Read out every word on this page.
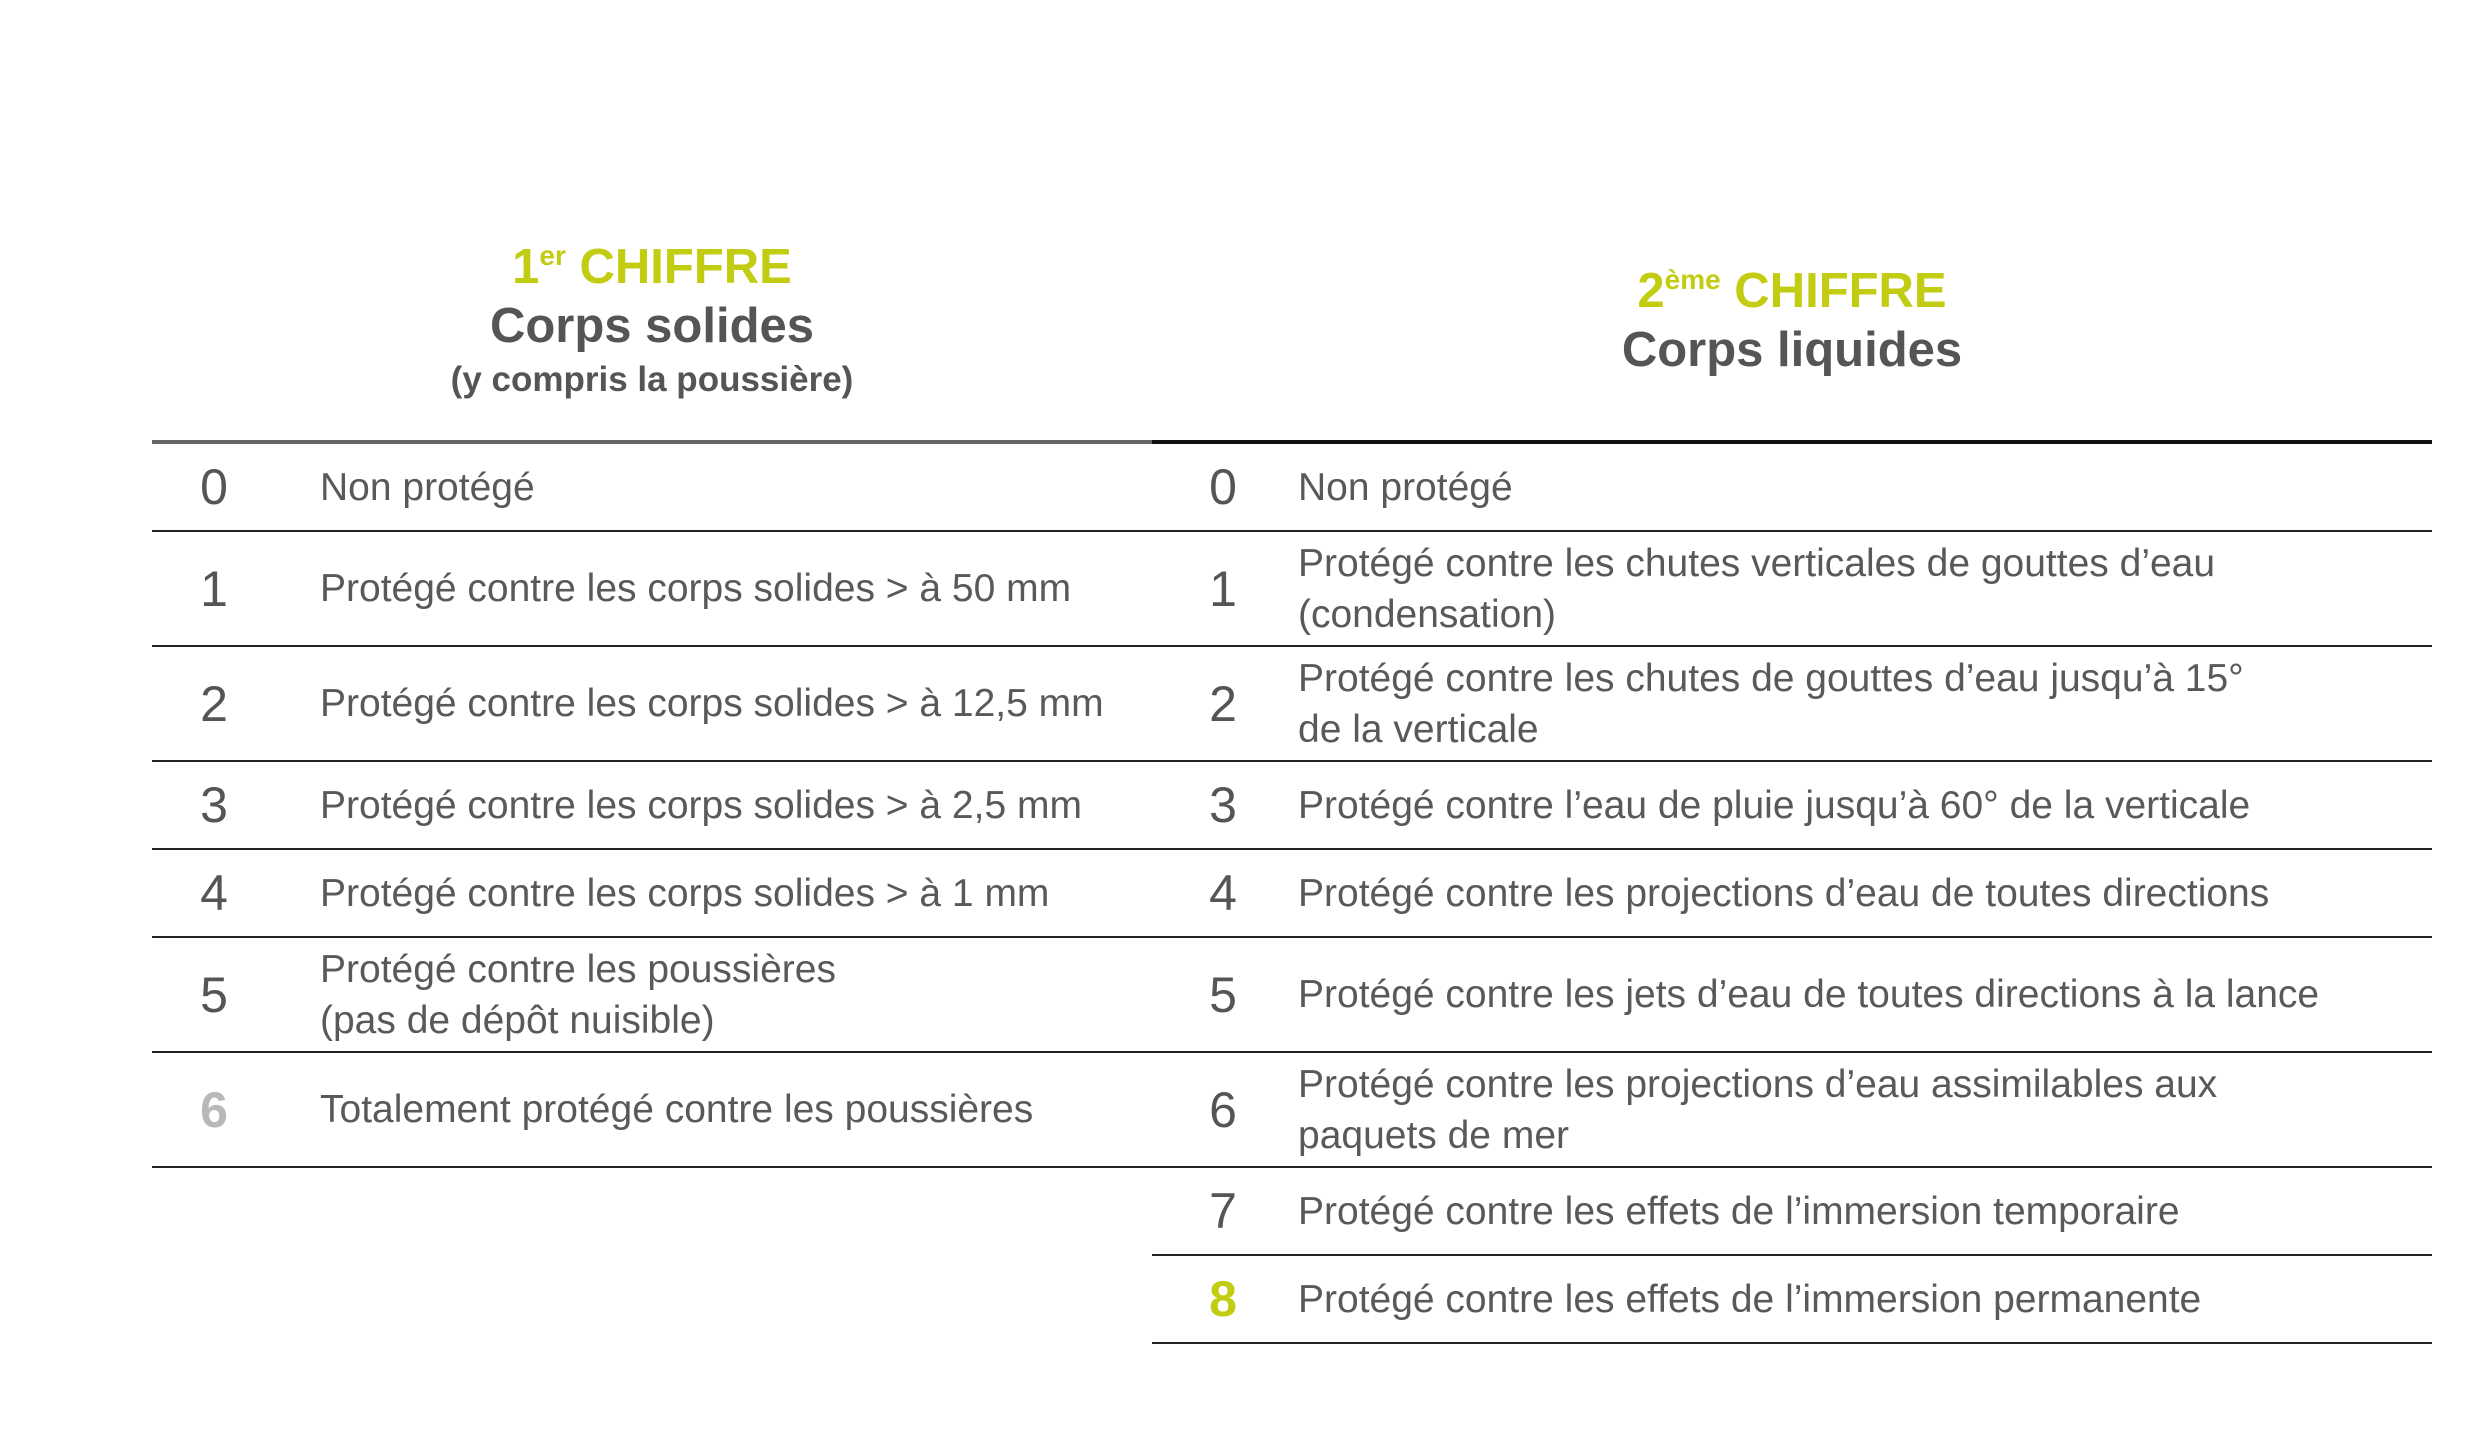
1er CHIFFRE
Corps solides
(y compris la poussière)
2ème CHIFFRE
Corps liquides
0	Non protégé
1	Protégé contre les corps solides > à 50 mm
2	Protégé contre les corps solides > à 12,5 mm
3	Protégé contre les corps solides > à 2,5 mm
4	Protégé contre les corps solides > à 1 mm
5	Protégé contre les poussières
(pas de dépôt nuisible)
6	Totalement protégé contre les poussières
0	Non protégé
1	Protégé contre les chutes verticales de gouttes d’eau
(condensation)
2	Protégé contre les chutes de gouttes d’eau jusqu’à 15°
de la verticale
3	Protégé contre l’eau de pluie jusqu’à 60° de la verticale
4	Protégé contre les projections d’eau de toutes directions
5	Protégé contre les jets d’eau de toutes directions à la lance
6	Protégé contre les projections d’eau assimilables aux
paquets de mer
7	Protégé contre les effets de l’immersion temporaire
8	Protégé contre les effets de l’immersion permanente
